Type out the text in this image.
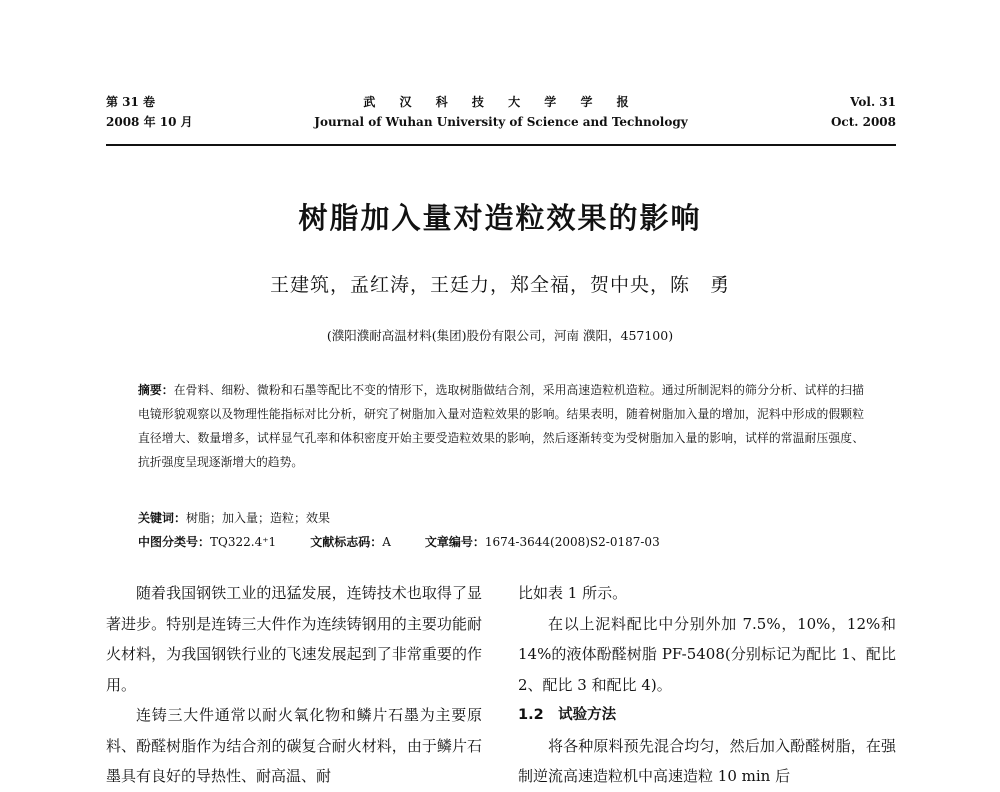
第 31 卷
2008 年 10 月
武 汉 科 技 大 学 学 报
Journal of Wuhan University of Science and Technology
Vol. 31
Oct. 2008
树脂加入量对造粒效果的影响
王建筑，孟红涛，王廷力，郑全福，贺中央，陈　勇
(濮阳濮耐高温材料(集团)股份有限公司，河南 濮阳，457100)
摘要：在骨料、细粉、微粉和石墨等配比不变的情形下，选取树脂做结合剂，采用高速造粒机造粒。通过所制泥料的筛分分析、试样的扫描电镜形貌观察以及物理性能指标对比分析，研究了树脂加入量对造粒效果的影响。结果表明，随着树脂加入量的增加，泥料中形成的假颗粒直径增大、数量增多，试样显气孔率和体积密度开始主要受造粒效果的影响，然后逐渐转变为受树脂加入量的影响，试样的常温耐压强度、抗折强度呈现逐渐增大的趋势。
关键词：树脂；加入量；造粒；效果
中图分类号：TQ322.4⁺1	文献标志码：A	文章编号：1674-3644(2008)S2-0187-03

随着我国钢铁工业的迅猛发展，连铸技术也取得了显著进步。特别是连铸三大件作为连续铸钢用的主要功能耐火材料，为我国钢铁行业的飞速发展起到了非常重要的作用。

连铸三大件通常以耐火氧化物和鳞片石墨为主要原料、酚醛树脂作为结合剂的碳复合耐火材料，由于鳞片石墨具有良好的导热性、耐高温、耐

比如表 1 所示。

在以上泥料配比中分别外加 7.5%，10%，12%和 14%的液体酚醛树脂 PF-5408(分别标记为配比 1、配比 2、配比 3 和配比 4)。

1.2　试验方法

将各种原料预先混合均匀，然后加入酚醛树脂，在强制逆流高速造粒机中高速造粒 10 min 后
